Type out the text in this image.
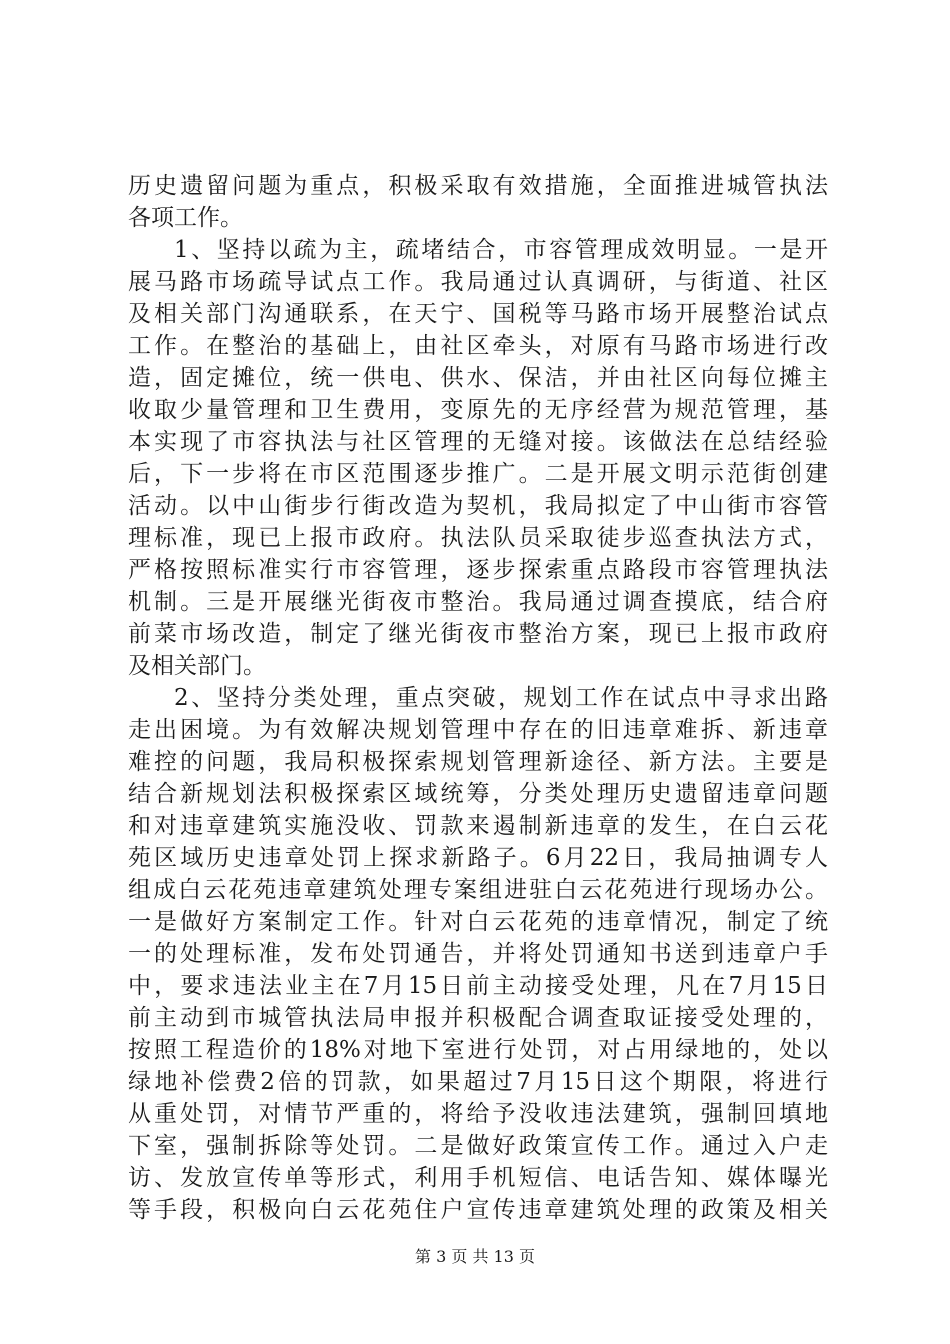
历史遗留问题为重点，积极采取有效措施，全面推进城管执法
各项工作。
1、坚持以疏为主，疏堵结合，市容管理成效明显。一是开
展马路市场疏导试点工作。我局通过认真调研，与街道、社区
及相关部门沟通联系，在天宁、国税等马路市场开展整治试点
工作。在整治的基础上，由社区牵头，对原有马路市场进行改
造，固定摊位，统一供电、供水、保洁，并由社区向每位摊主
收取少量管理和卫生费用，变原先的无序经营为规范管理，基
本实现了市容执法与社区管理的无缝对接。该做法在总结经验
后，下一步将在市区范围逐步推广。二是开展文明示范街创建
活动。以中山街步行街改造为契机，我局拟定了中山街市容管
理标准，现已上报市政府。执法队员采取徒步巡查执法方式，
严格按照标准实行市容管理，逐步探索重点路段市容管理执法
机制。三是开展继光街夜市整治。我局通过调查摸底，结合府
前菜市场改造，制定了继光街夜市整治方案，现已上报市政府
及相关部门。
2、坚持分类处理，重点突破，规划工作在试点中寻求出路
走出困境。为有效解决规划管理中存在的旧违章难拆、新违章
难控的问题，我局积极探索规划管理新途径、新方法。主要是
结合新规划法积极探索区域统筹，分类处理历史遗留违章问题
和对违章建筑实施没收、罚款来遏制新违章的发生，在白云花
苑区域历史违章处罚上探求新路子。6月22日，我局抽调专人
组成白云花苑违章建筑处理专案组进驻白云花苑进行现场办公。
一是做好方案制定工作。针对白云花苑的违章情况，制定了统
一的处理标准，发布处罚通告，并将处罚通知书送到违章户手
中，要求违法业主在7月15日前主动接受处理，凡在7月15日
前主动到市城管执法局申报并积极配合调查取证接受处理的，
按照工程造价的18%对地下室进行处罚，对占用绿地的，处以
绿地补偿费2倍的罚款，如果超过7月15日这个期限，将进行
从重处罚，对情节严重的，将给予没收违法建筑，强制回填地
下室，强制拆除等处罚。二是做好政策宣传工作。通过入户走
访、发放宣传单等形式，利用手机短信、电话告知、媒体曝光
等手段，积极向白云花苑住户宣传违章建筑处理的政策及相关
第 3 页 共 13 页
